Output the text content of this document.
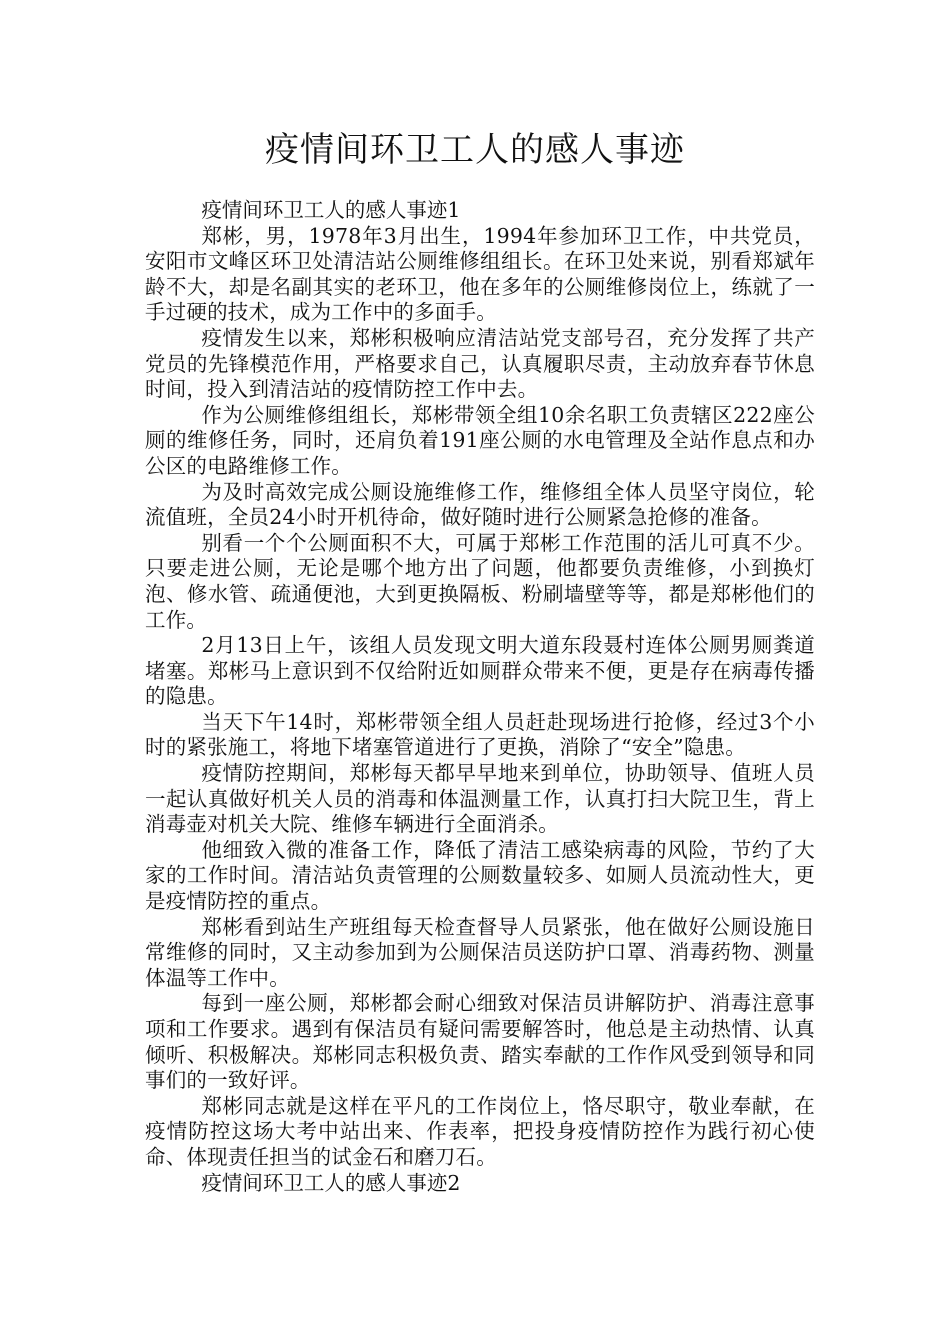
疫情间环卫工人的感人事迹

疫情间环卫工人的感人事迹1

郑彬，男，1978年3月出生，1994年参加环卫工作，中共党员，安阳市文峰区环卫处清洁站公厕维修组组长。在环卫处来说，别看郑斌年龄不大，却是名副其实的老环卫，他在多年的公厕维修岗位上，练就了一手过硬的技术，成为工作中的多面手。

疫情发生以来，郑彬积极响应清洁站党支部号召，充分发挥了共产党员的先锋模范作用，严格要求自己，认真履职尽责，主动放弃春节休息时间，投入到清洁站的疫情防控工作中去。

作为公厕维修组组长，郑彬带领全组10余名职工负责辖区222座公厕的维修任务，同时，还肩负着191座公厕的水电管理及全站作息点和办公区的电路维修工作。

为及时高效完成公厕设施维修工作，维修组全体人员坚守岗位，轮流值班，全员24小时开机待命，做好随时进行公厕紧急抢修的准备。

别看一个个公厕面积不大，可属于郑彬工作范围的活儿可真不少。只要走进公厕，无论是哪个地方出了问题，他都要负责维修，小到换灯泡、修水管、疏通便池，大到更换隔板、粉刷墙壁等等，都是郑彬他们的工作。

2月13日上午，该组人员发现文明大道东段聂村连体公厕男厕粪道堵塞。郑彬马上意识到不仅给附近如厕群众带来不便，更是存在病毒传播的隐患。

当天下午14时，郑彬带领全组人员赶赴现场进行抢修，经过3个小时的紧张施工，将地下堵塞管道进行了更换，消除了“安全”隐患。

疫情防控期间，郑彬每天都早早地来到单位，协助领导、值班人员一起认真做好机关人员的消毒和体温测量工作，认真打扫大院卫生，背上消毒壶对机关大院、维修车辆进行全面消杀。

他细致入微的准备工作，降低了清洁工感染病毒的风险，节约了大家的工作时间。清洁站负责管理的公厕数量较多、如厕人员流动性大，更是疫情防控的重点。

郑彬看到站生产班组每天检查督导人员紧张，他在做好公厕设施日常维修的同时，又主动参加到为公厕保洁员送防护口罩、消毒药物、测量体温等工作中。

每到一座公厕，郑彬都会耐心细致对保洁员讲解防护、消毒注意事项和工作要求。遇到有保洁员有疑问需要解答时，他总是主动热情、认真倾听、积极解决。郑彬同志积极负责、踏实奉献的工作作风受到领导和同事们的一致好评。

郑彬同志就是这样在平凡的工作岗位上，恪尽职守，敬业奉献，在疫情防控这场大考中站出来、作表率，把投身疫情防控作为践行初心使命、体现责任担当的试金石和磨刀石。

疫情间环卫工人的感人事迹2
